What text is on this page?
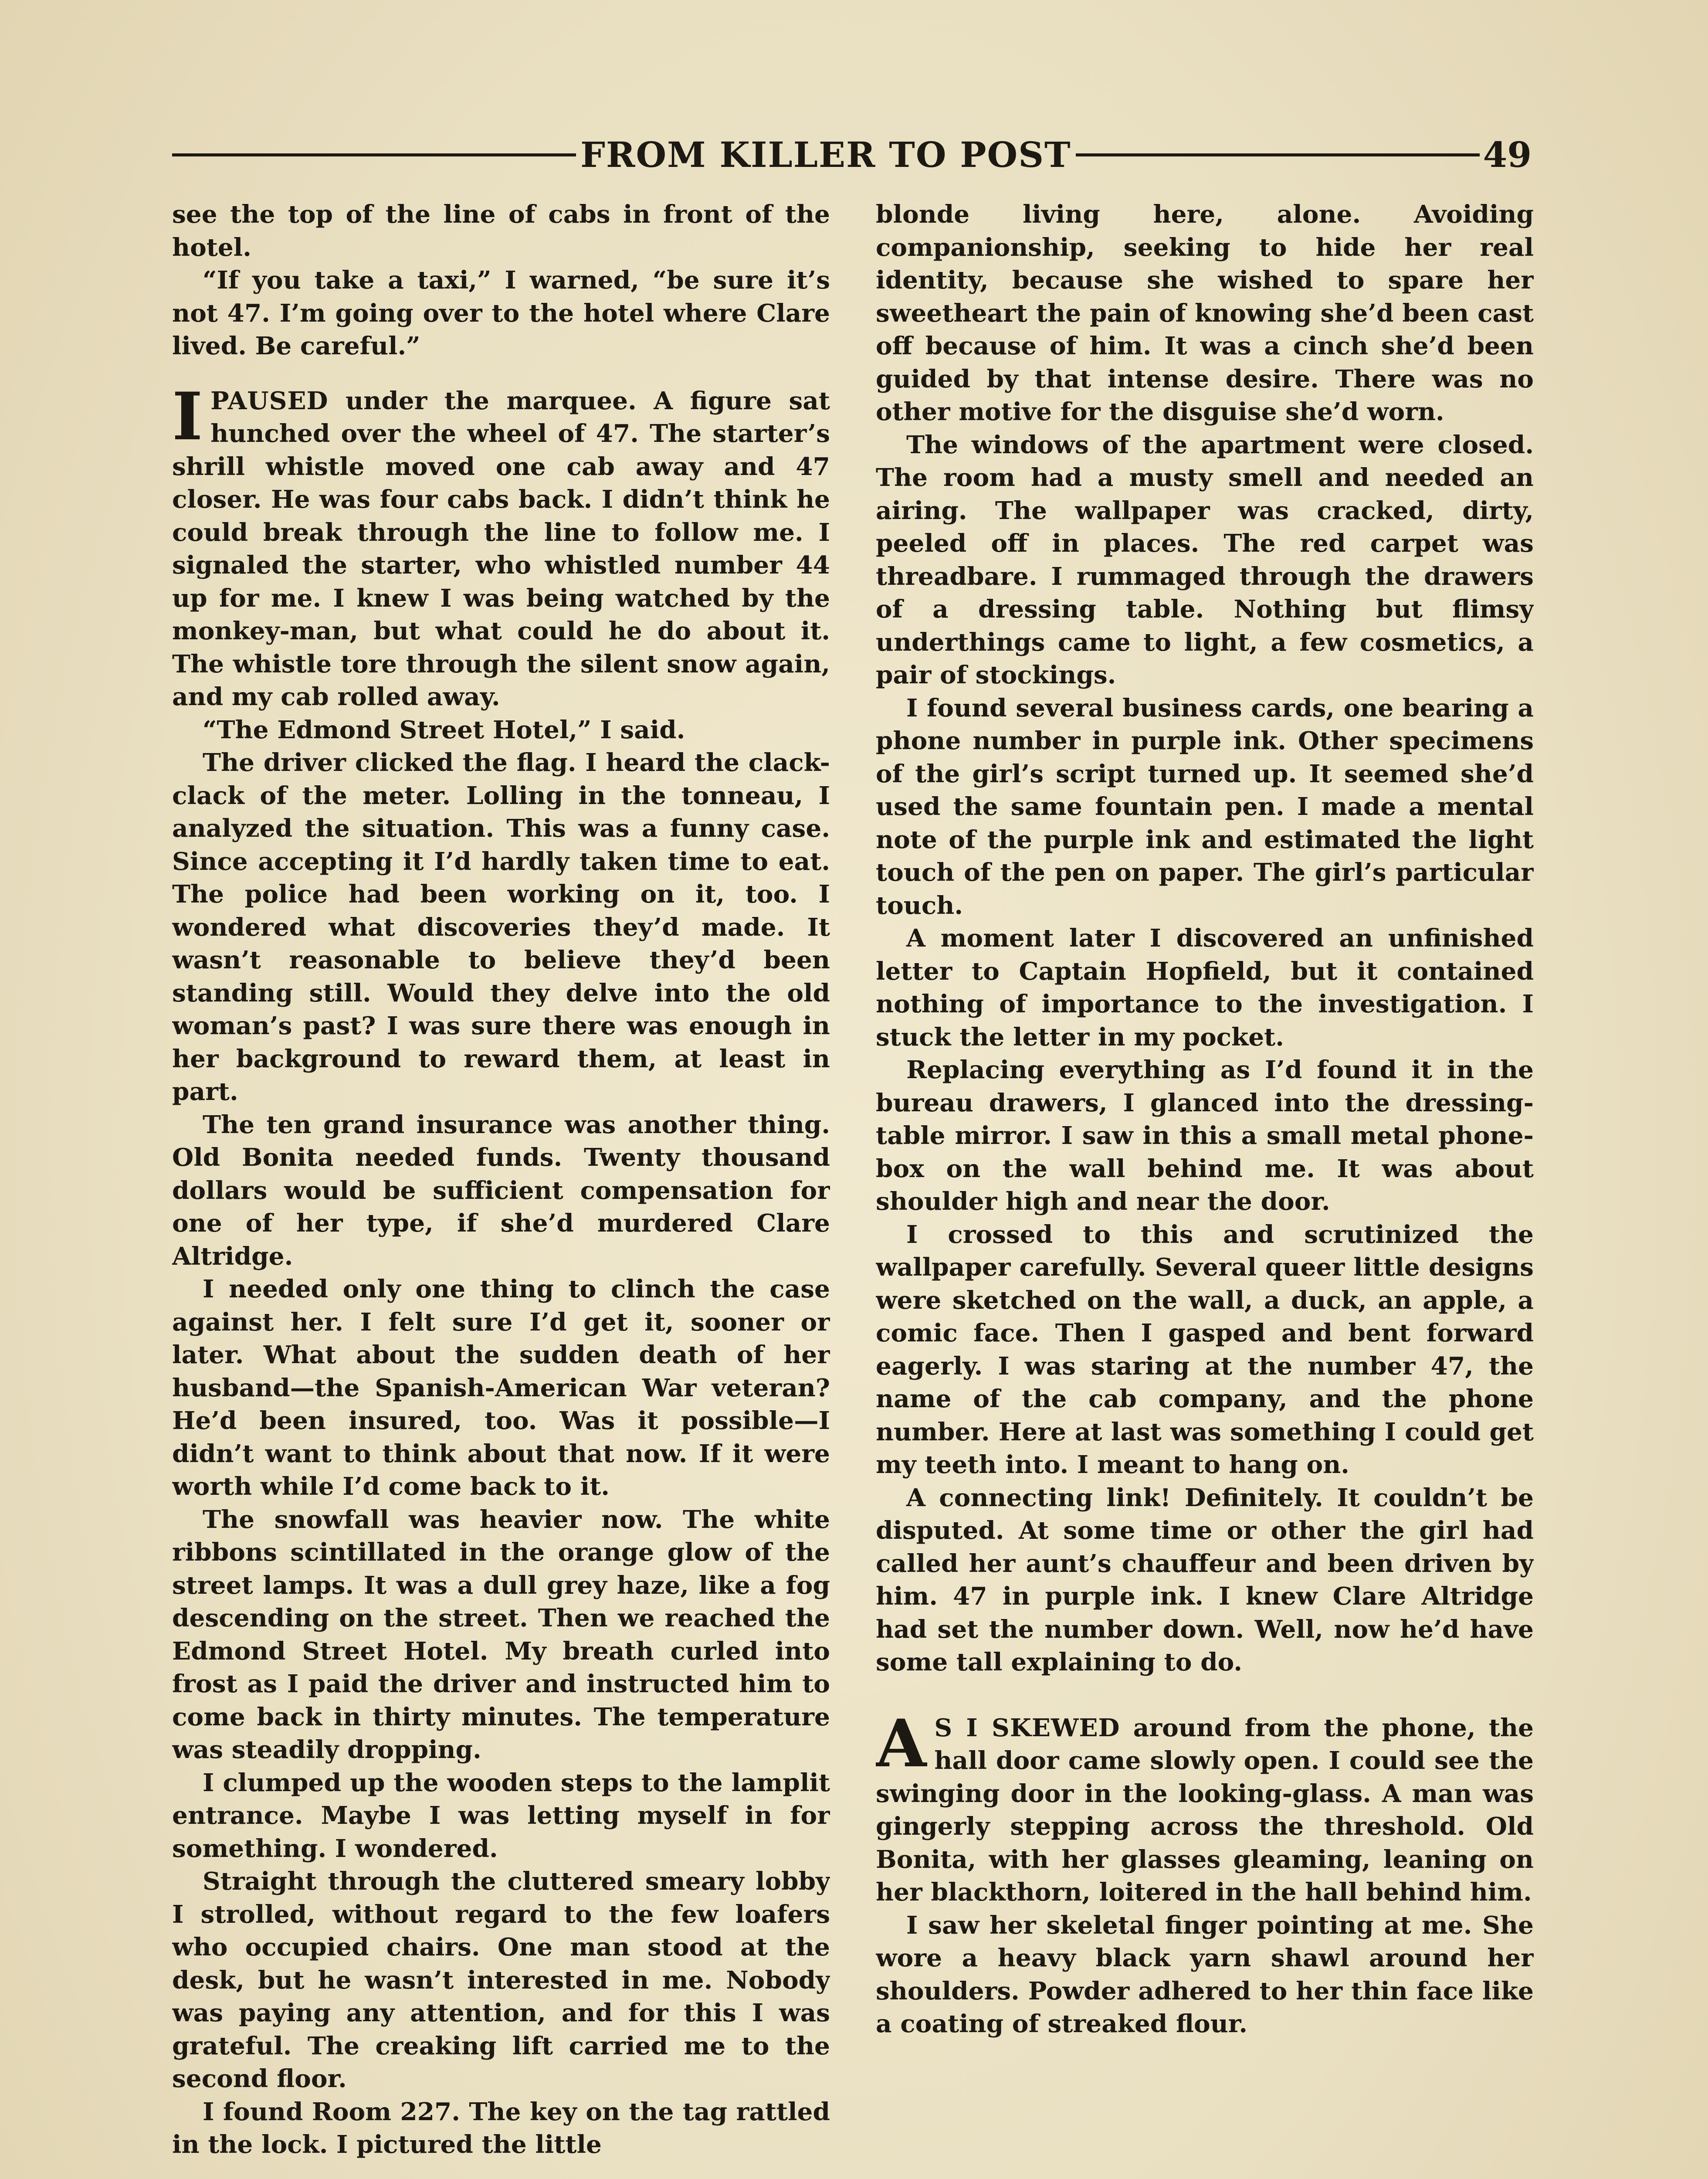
FROM KILLER TO POST	49

see the top of the line of cabs in front of the hotel.

“If you take a taxi,” I warned, “be sure it’s not 47. I’m going over to the hotel where Clare lived. Be careful.”

IPAUSED under the marquee. A figure sat hunched over the wheel of 47. The starter’s shrill whistle moved one cab away and 47 closer. He was four cabs back. I didn’t think he could break through the line to follow me. I signaled the starter, who whistled number 44 up for me. I knew I was being watched by the monkey-man, but what could he do about it. The whistle tore through the silent snow again, and my cab rolled away.

“The Edmond Street Hotel,” I said.

The driver clicked the flag. I heard the clack-clack of the meter. Lolling in the tonneau, I analyzed the situation. This was a funny case. Since accepting it I’d hardly taken time to eat. The police had been working on it, too. I wondered what discoveries they’d made. It wasn’t reasonable to believe they’d been standing still. Would they delve into the old woman’s past? I was sure there was enough in her background to reward them, at least in part.

The ten grand insurance was another thing. Old Bonita needed funds. Twenty thousand dollars would be sufficient compensation for one of her type, if she’d murdered Clare Altridge.

I needed only one thing to clinch the case against her. I felt sure I’d get it, sooner or later. What about the sudden death of her husband—the Spanish-American War veteran? He’d been insured, too. Was it possible—I didn’t want to think about that now. If it were worth while I’d come back to it.

The snowfall was heavier now. The white ribbons scintillated in the orange glow of the street lamps. It was a dull grey haze, like a fog descending on the street. Then we reached the Edmond Street Hotel. My breath curled into frost as I paid the driver and instructed him to come back in thirty minutes. The temperature was steadily dropping.

I clumped up the wooden steps to the lamplit entrance. Maybe I was letting myself in for something. I wondered.

Straight through the cluttered smeary lobby I strolled, without regard to the few loafers who occupied chairs. One man stood at the desk, but he wasn’t interested in me. Nobody was paying any attention, and for this I was grateful. The creaking lift carried me to the second floor.

I found Room 227. The key on the tag rattled in the lock. I pictured the little

blonde living here, alone. Avoiding companionship, seeking to hide her real identity, because she wished to spare her sweetheart the pain of knowing she’d been cast off because of him. It was a cinch she’d been guided by that intense desire. There was no other motive for the disguise she’d worn.

The windows of the apartment were closed. The room had a musty smell and needed an airing. The wallpaper was cracked, dirty, peeled off in places. The red carpet was threadbare. I rummaged through the drawers of a dressing table. Nothing but flimsy underthings came to light, a few cosmetics, a pair of stockings.

I found several business cards, one bearing a phone number in purple ink. Other specimens of the girl’s script turned up. It seemed she’d used the same fountain pen. I made a mental note of the purple ink and estimated the light touch of the pen on paper. The girl’s particular touch.

A moment later I discovered an unfinished letter to Captain Hopfield, but it contained nothing of importance to the investigation. I stuck the letter in my pocket.

Replacing everything as I’d found it in the bureau drawers, I glanced into the dressing-table mirror. I saw in this a small metal phone-box on the wall behind me. It was about shoulder high and near the door.

I crossed to this and scrutinized the wallpaper carefully. Several queer little designs were sketched on the wall, a duck, an apple, a comic face. Then I gasped and bent forward eagerly. I was staring at the number 47, the name of the cab company, and the phone number. Here at last was something I could get my teeth into. I meant to hang on.

A connecting link! Definitely. It couldn’t be disputed. At some time or other the girl had called her aunt’s chauffeur and been driven by him. 47 in purple ink. I knew Clare Altridge had set the number down. Well, now he’d have some tall explaining to do.

A S I SKEWED around from the phone, the hall door came slowly open. I could see the swinging door in the looking-glass. A man was gingerly stepping across the threshold. Old Bonita, with her glasses gleaming, leaning on her blackthorn, loitered in the hall behind him.

I saw her skeletal finger pointing at me. She wore a heavy black yarn shawl around her shoulders. Powder adhered to her thin face like a coating of streaked flour.
